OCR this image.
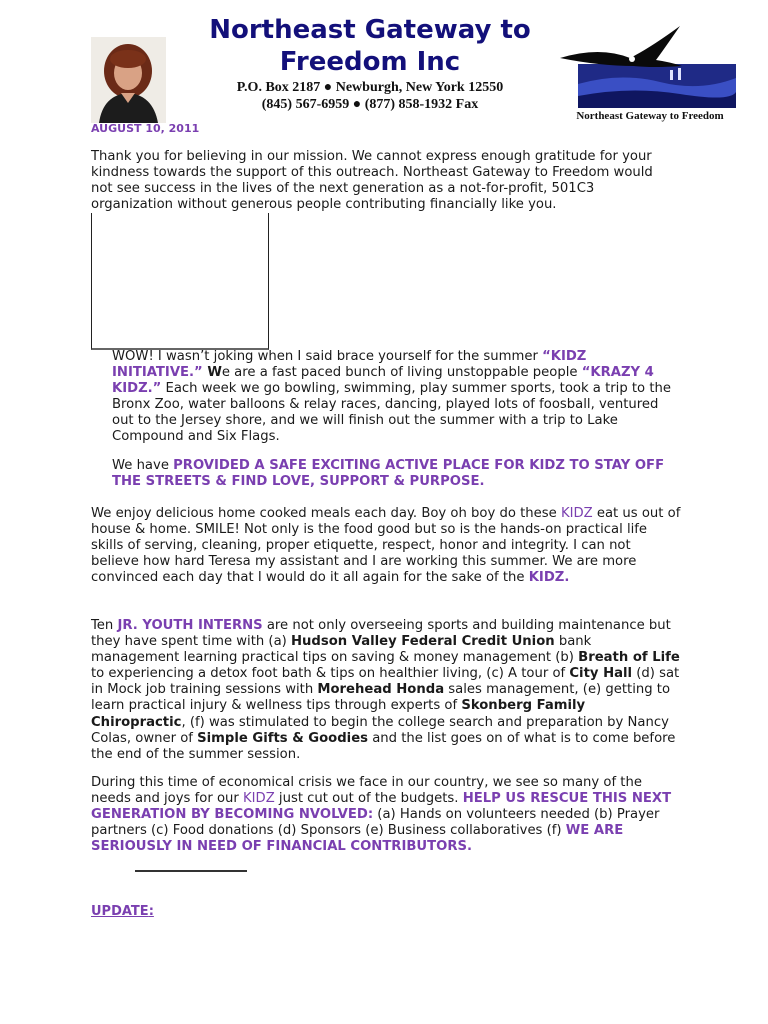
Northeast Gateway to
Freedom Inc
P.O. Box 2187 ● Newburgh, New York 12550
(845) 567-6959 ● (877) 858-1932 Fax
Northeast Gateway to Freedom
AUGUST 10, 2011

Thank you for believing in our mission. We cannot express enough gratitude for your kindness towards the support of this outreach. Northeast Gateway to Freedom would not see success in the lives of the next generation as a not-for-profit, 501C3 organization without generous people contributing financially like you.

WOW! I wasn’t joking when I said brace yourself for the summer “KIDZ INITIATIVE.” We are a fast paced bunch of living unstoppable people “KRAZY 4 KIDZ.” Each week we go bowling, swimming, play summer sports, took a trip to the Bronx Zoo, water balloons & relay races, dancing, played lots of foosball, ventured out to the Jersey shore, and we will finish out the summer with a trip to Lake Compound and Six Flags.

We have PROVIDED A SAFE EXCITING ACTIVE PLACE FOR KIDZ TO STAY OFF THE STREETS & FIND LOVE, SUPPORT & PURPOSE.

We enjoy delicious home cooked meals each day. Boy oh boy do these KIDZ eat us out of house & home. SMILE! Not only is the food good but so is the hands-on practical life skills of serving, cleaning, proper etiquette, respect, honor and integrity. I can not believe how hard Teresa my assistant and I are working this summer. We are more convinced each day that I would do it all again for the sake of the KIDZ.

Ten JR. YOUTH INTERNS are not only overseeing sports and building maintenance but they have spent time with (a) Hudson Valley Federal Credit Union bank management learning practical tips on saving & money management (b) Breath of Life to experiencing a detox foot bath & tips on healthier living, (c) A tour of City Hall (d) sat in Mock job training sessions with Morehead Honda sales management, (e) getting to learn practical injury & wellness tips through experts of Skonberg Family Chiropractic, (f) was stimulated to begin the college search and preparation by Nancy Colas, owner of Simple Gifts & Goodies and the list goes on of what is to come before the end of the summer session.

During this time of economical crisis we face in our country, we see so many of the needs and joys for our KIDZ just cut out of the budgets. HELP US RESCUE THIS NEXT GENERATION BY BECOMING NVOLVED: (a) Hands on volunteers needed (b) Prayer partners (c) Food donations (d) Sponsors (e) Business collaboratives (f) WE ARE SERIOUSLY IN NEED OF FINANCIAL CONTRIBUTORS.

UPDATE:
